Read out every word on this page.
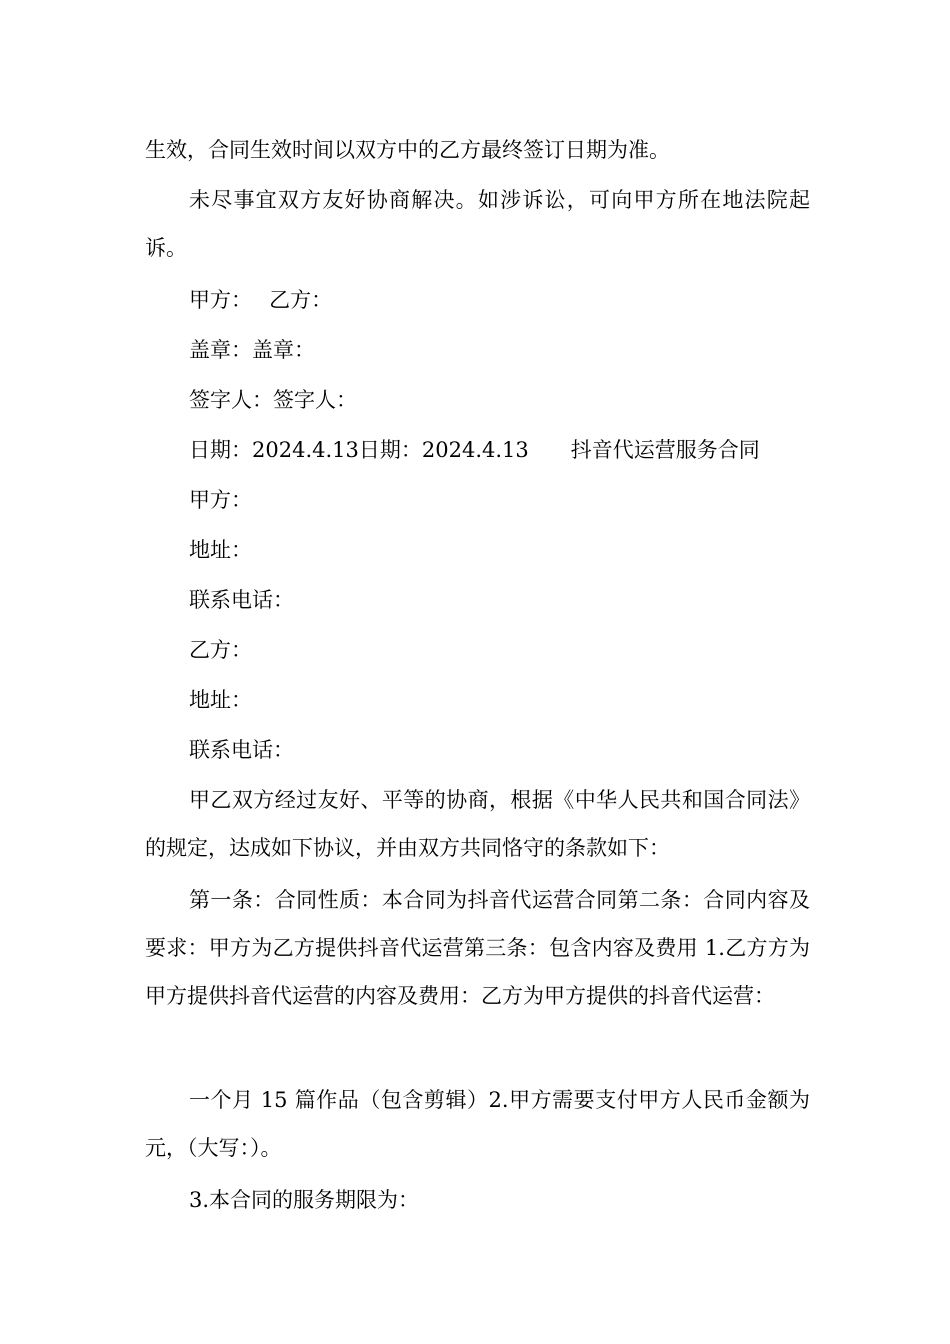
生效，合同生效时间以双方中的乙方最终签订日期为准。

未尽事宜双方友好协商解决。如涉诉讼，可向甲方所在地法院起诉。

甲方：　 乙方：

盖章：盖章：

签字人：签字人：

日期：2024.4.13日期：2024.4.13　　抖音代运营服务合同

甲方：

地址：

联系电话：

乙方：

地址：

联系电话：

甲乙双方经过友好、平等的协商，根据《中华人民共和国合同法》的规定，达成如下协议，并由双方共同恪守的条款如下：

第一条：合同性质：本合同为抖音代运营合同第二条：合同内容及要求：甲方为乙方提供抖音代运营第三条：包含内容及费用 1.乙方方为甲方提供抖音代运营的内容及费用：乙方为甲方提供的抖音代运营：

一个月 15 篇作品（包含剪辑）2.甲方需要支付甲方人民币金额为元，（大写：）。

3.本合同的服务期限为：
